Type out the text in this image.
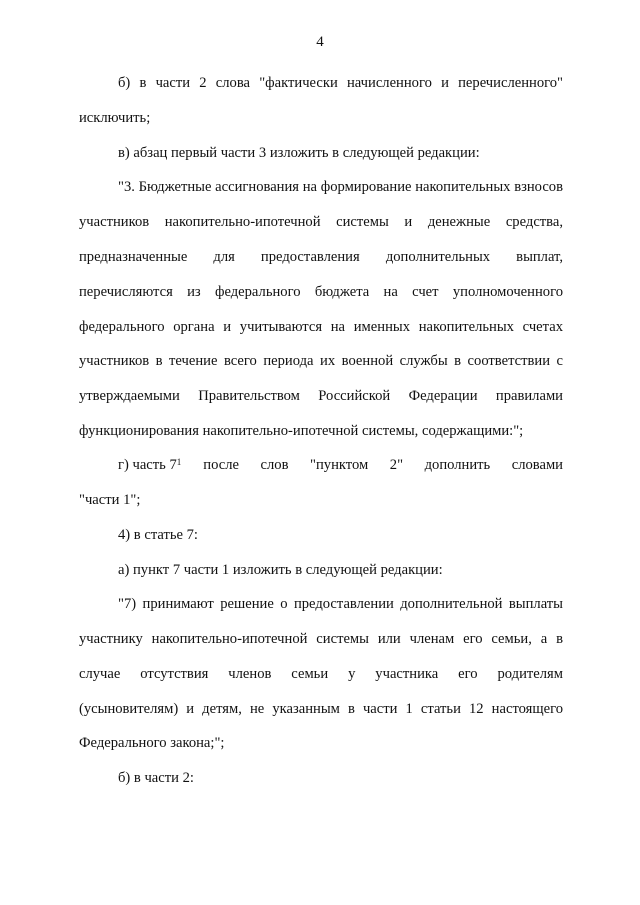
4
б) в части 2 слова "фактически начисленного и перечисленного"
исключить;
в) абзац первый части 3 изложить в следующей редакции:
"3. Бюджетные ассигнования на формирование накопительных взносов
участников накопительно-ипотечной системы и денежные средства,
предназначенные для предоставления дополнительных выплат,
перечисляются из федерального бюджета на счет уполномоченного
федерального органа и учитываются на именных накопительных счетах
участников в течение всего периода их военной службы в соответствии с
утверждаемыми Правительством Российской Федерации правилами
функционирования накопительно-ипотечной системы, содержащими:";
г) часть $7^1$	после слов "пунктом 2" дополнить словами
"части 1";
4) в статье 7:
а) пункт 7 части 1 изложить в следующей редакции:
"7) принимают решение о предоставлении дополнительной выплаты
участнику накопительно-ипотечной системы или членам его семьи, а в
случае отсутствия членов семьи у участника его родителям
(усыновителям) и детям, не указанным в части 1 статьи 12 настоящего
Федерального закона;";
б) в части 2:
